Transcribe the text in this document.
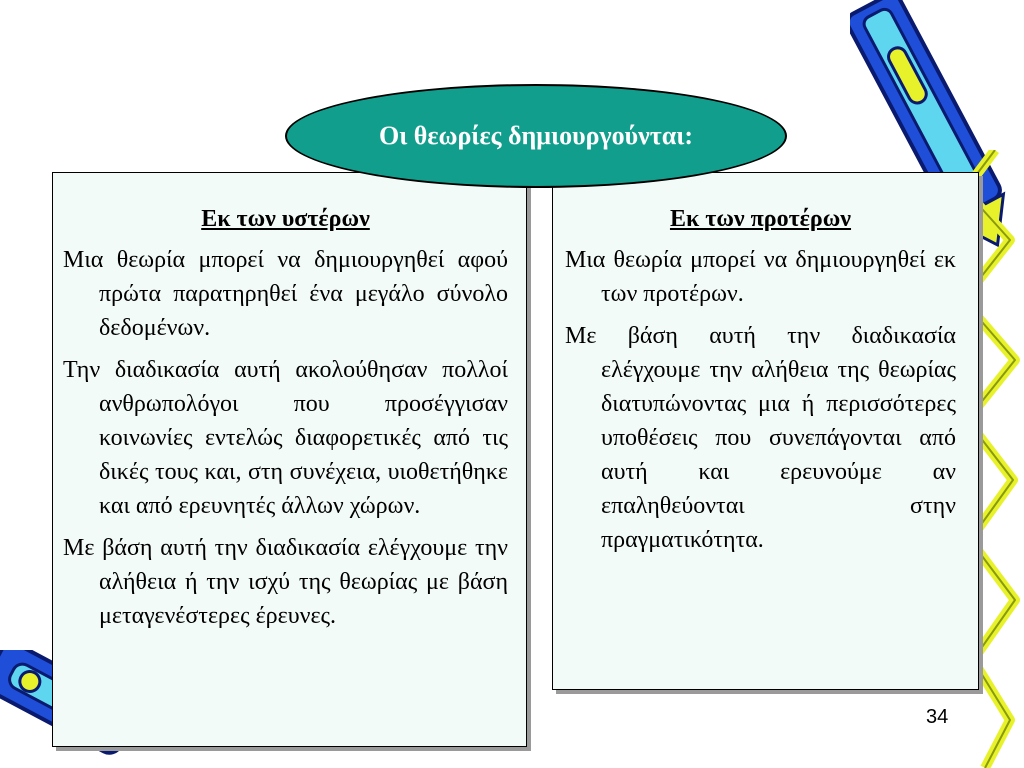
Εκ των υστέρων

Μια θεωρία μπορεί να δημιουργηθεί αφού πρώτα παρατηρηθεί ένα μεγάλο σύνολο δεδομένων.

Την διαδικασία αυτή ακολούθησαν πολλοί ανθρωπολόγοι που προσέγγισαν κοινωνίες εντελώς διαφορετικές από τις δικές τους και, στη συνέχεια, υιοθετήθηκε και από ερευνητές άλλων χώρων.

Με βάση αυτή την διαδικασία ελέγχουμε την αλήθεια ή την ισχύ της θεωρίας με βάση μεταγενέστερες έρευνες.

Εκ των προτέρων

Μια θεωρία μπορεί να δημιουργηθεί εκ των προτέρων.

Με βάση αυτή την διαδικασία ελέγχουμε την αλήθεια της θεωρίας διατυπώνοντας μια ή περισσότερες υποθέσεις που συνεπάγονται από αυτή και ερευνούμε αν επαληθεύονται στην πραγματικότητα.

Οι θεωρίες δημιουργούνται:
34
